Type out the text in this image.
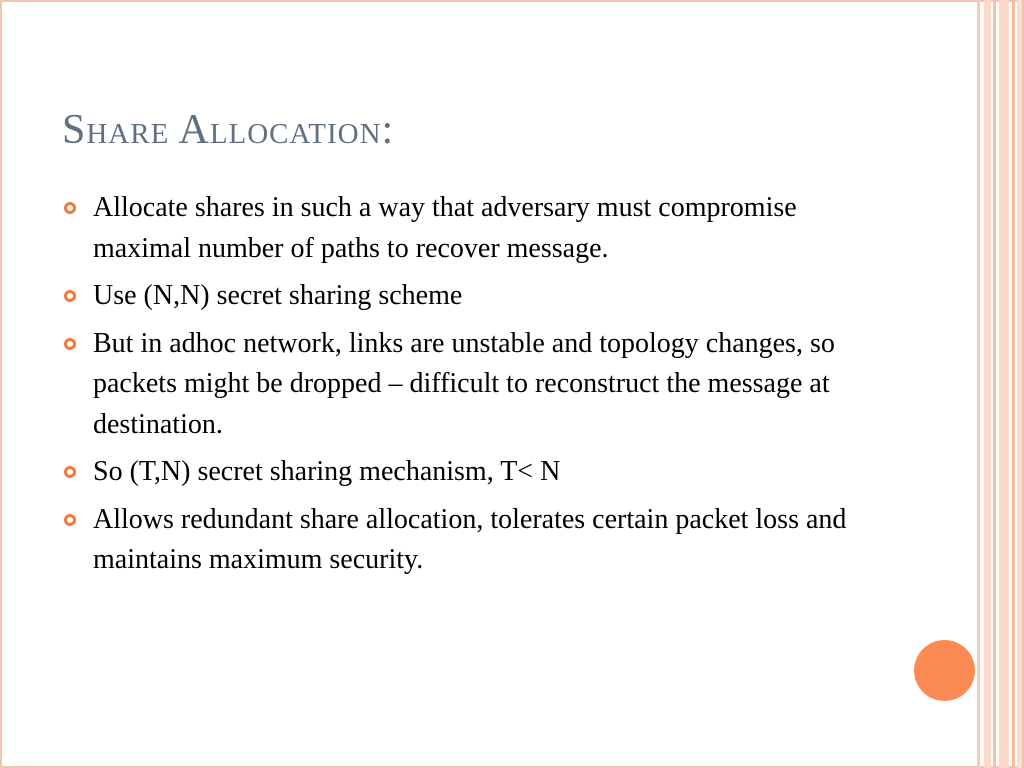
Share Allocation:
Allocate shares in such a way that adversary must compromise maximal number of paths to recover message.
Use (N,N) secret sharing scheme
But in adhoc network, links are unstable and topology changes, so packets might be dropped – difficult to reconstruct the message at destination.
So (T,N) secret sharing mechanism, T< N
Allows redundant share allocation, tolerates certain packet loss and maintains maximum security.
